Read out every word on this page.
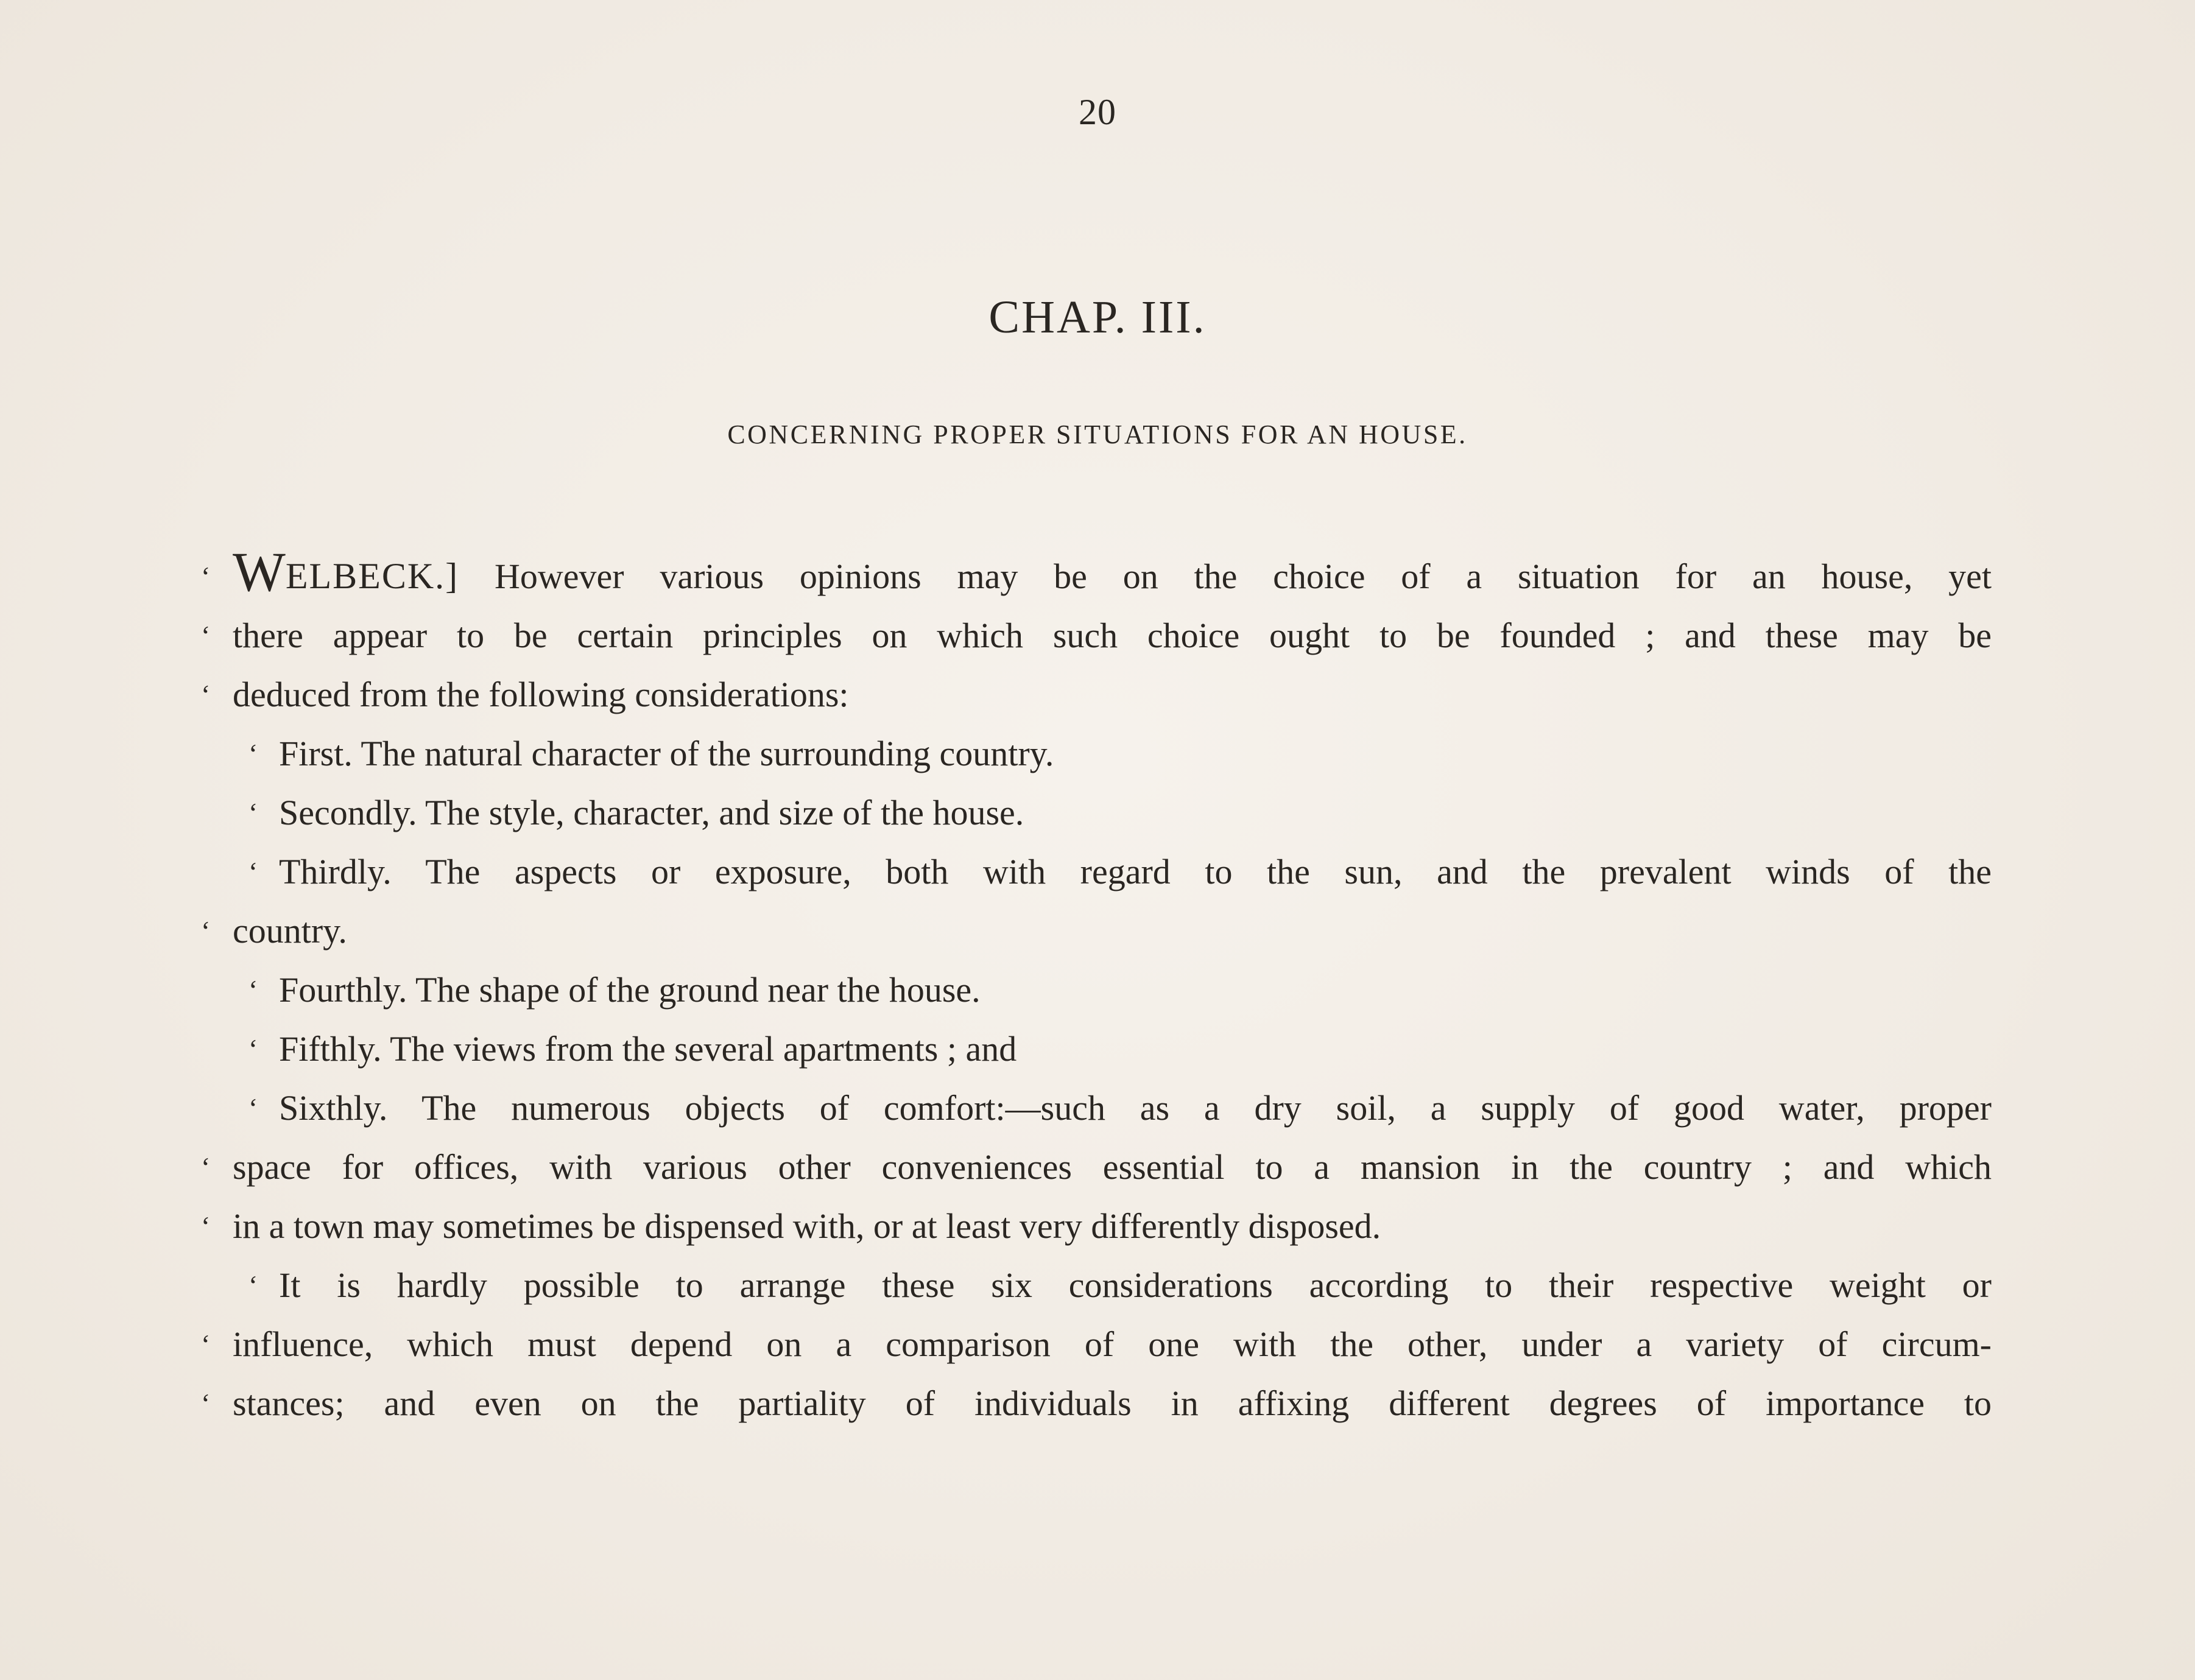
20
CHAP. III.
CONCERNING PROPER SITUATIONS FOR AN HOUSE.
‘ WELBECK.] However various opinions may be on the choice of a situation for an house, yet
‘ there appear to be certain principles on which such choice ought to be founded ; and these may be
‘ deduced from the following considerations:
‘ First. The natural character of the surrounding country.
‘ Secondly. The style, character, and size of the house.
‘ Thirdly. The aspects or exposure, both with regard to the sun, and the prevalent winds of the
‘ country.
‘ Fourthly. The shape of the ground near the house.
‘ Fifthly. The views from the several apartments ; and
‘ Sixthly. The numerous objects of comfort:—such as a dry soil, a supply of good water, proper
‘ space for offices, with various other conveniences essential to a mansion in the country ; and which
‘ in a town may sometimes be dispensed with, or at least very differently disposed.
‘ It is hardly possible to arrange these six considerations according to their respective weight or
‘ influence, which must depend on a comparison of one with the other, under a variety of circum-
‘ stances; and even on the partiality of individuals in affixing different degrees of importance to
